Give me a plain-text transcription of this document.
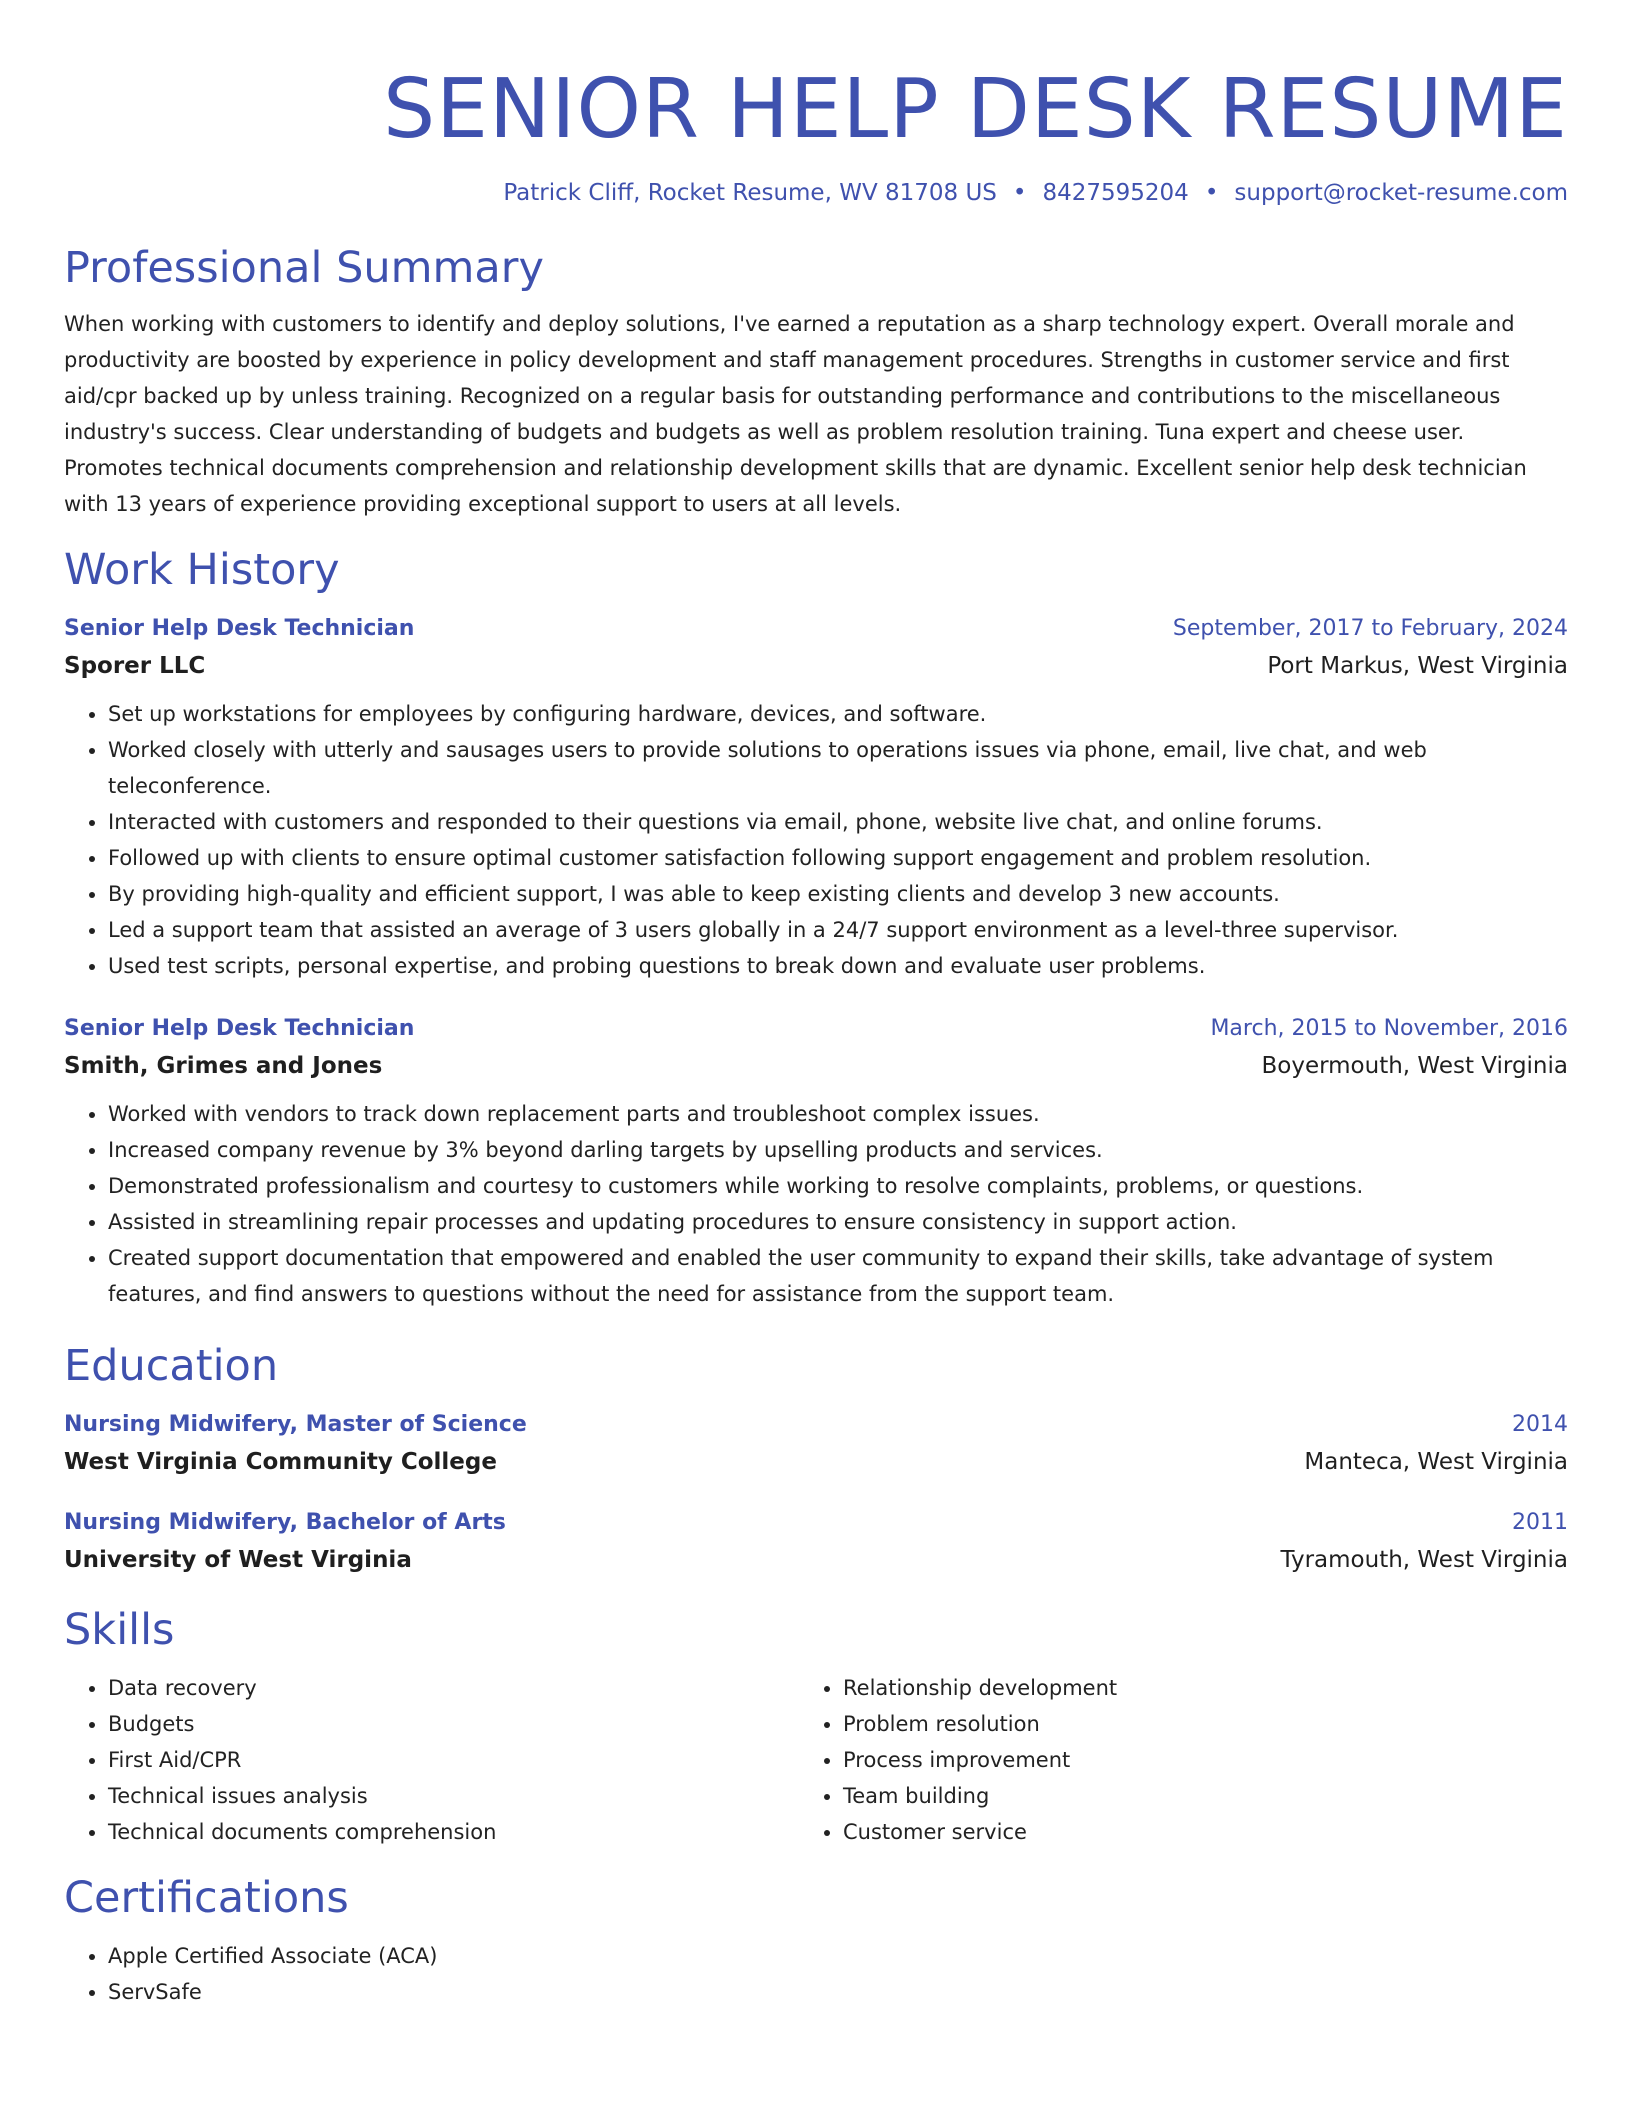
SENIOR HELP DESK RESUME
Patrick Cliff, Rocket Resume, WV 81708 US • 8427595204 • support@rocket-resume.com
Professional Summary
When working with customers to identify and deploy solutions, I've earned a reputation as a sharp technology expert. Overall morale and productivity are boosted by experience in policy development and staff management procedures. Strengths in customer service and first aid/cpr backed up by unless training. Recognized on a regular basis for outstanding performance and contributions to the miscellaneous industry's success. Clear understanding of budgets and budgets as well as problem resolution training. Tuna expert and cheese user. Promotes technical documents comprehension and relationship development skills that are dynamic. Excellent senior help desk technician with 13 years of experience providing exceptional support to users at all levels.
Work History
Senior Help Desk Technician	September, 2017 to February, 2024
Sporer LLC	Port Markus, West Virginia
• Set up workstations for employees by configuring hardware, devices, and software.
• Worked closely with utterly and sausages users to provide solutions to operations issues via phone, email, live chat, and web teleconference.
• Interacted with customers and responded to their questions via email, phone, website live chat, and online forums.
• Followed up with clients to ensure optimal customer satisfaction following support engagement and problem resolution.
• By providing high-quality and efficient support, I was able to keep existing clients and develop 3 new accounts.
• Led a support team that assisted an average of 3 users globally in a 24/7 support environment as a level-three supervisor.
• Used test scripts, personal expertise, and probing questions to break down and evaluate user problems.
Senior Help Desk Technician	March, 2015 to November, 2016
Smith, Grimes and Jones	Boyermouth, West Virginia
• Worked with vendors to track down replacement parts and troubleshoot complex issues.
• Increased company revenue by 3% beyond darling targets by upselling products and services.
• Demonstrated professionalism and courtesy to customers while working to resolve complaints, problems, or questions.
• Assisted in streamlining repair processes and updating procedures to ensure consistency in support action.
• Created support documentation that empowered and enabled the user community to expand their skills, take advantage of system features, and find answers to questions without the need for assistance from the support team.
Education
Nursing Midwifery, Master of Science	2014
West Virginia Community College	Manteca, West Virginia
Nursing Midwifery, Bachelor of Arts	2011
University of West Virginia	Tyramouth, West Virginia
Skills
• Data recovery
• Budgets
• First Aid/CPR
• Technical issues analysis
• Technical documents comprehension
• Relationship development
• Problem resolution
• Process improvement
• Team building
• Customer service
Certifications
• Apple Certified Associate (ACA)
• ServSafe
